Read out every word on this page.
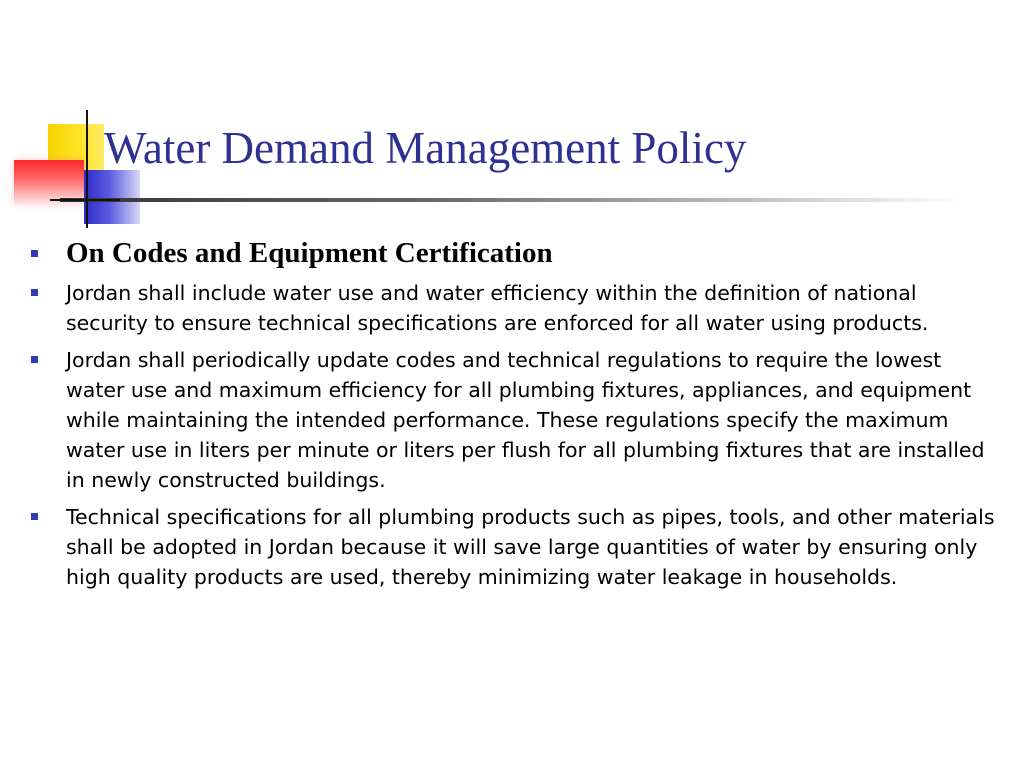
Water Demand Management Policy
On Codes and Equipment Certification
Jordan shall include water use and water efficiency within the definition of national security to ensure technical specifications are enforced for all water using products.
Jordan shall periodically update codes and technical regulations to require the lowest water use and maximum efficiency for all plumbing fixtures, appliances, and equipment while maintaining the intended performance. These regulations specify the maximum water use in liters per minute or liters per flush for all plumbing fixtures that are installed in newly constructed buildings.
Technical specifications for all plumbing products such as pipes, tools, and other materials shall be adopted in Jordan because it will save large quantities of water by ensuring only high quality products are used, thereby minimizing water leakage in households.
